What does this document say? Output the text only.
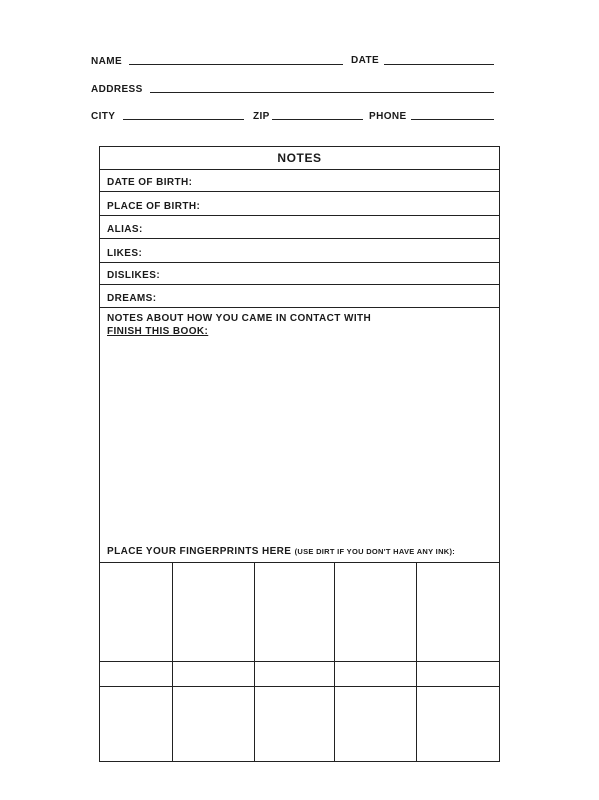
NAME	DATE
ADDRESS
CITY	ZIP	PHONE
NOTES
DATE OF BIRTH:
PLACE OF BIRTH:
ALIAS:
LIKES:
DISLIKES:
DREAMS:
NOTES ABOUT HOW YOU CAME IN CONTACT WITH
FINISH THIS BOOK:
PLACE YOUR FINGERPRINTS HERE (USE DIRT IF YOU DON'T HAVE ANY INK):
